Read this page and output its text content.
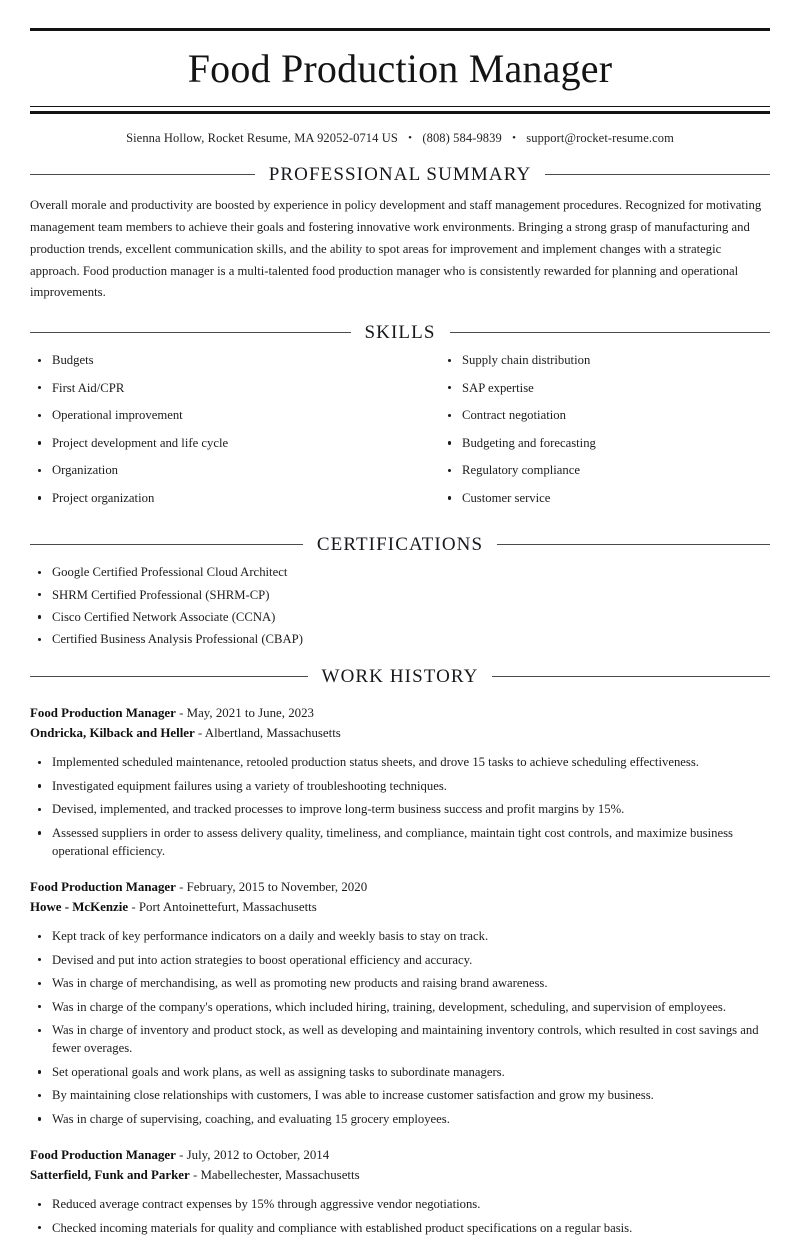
Food Production Manager
Sienna Hollow, Rocket Resume, MA 92052-0714 US • (808) 584-9839 • support@rocket-resume.com
PROFESSIONAL SUMMARY

Overall morale and productivity are boosted by experience in policy development and staff management procedures. Recognized for motivating management team members to achieve their goals and fostering innovative work environments. Bringing a strong grasp of manufacturing and production trends, excellent communication skills, and the ability to spot areas for improvement and implement changes with a strategic approach. Food production manager is a multi-talented food production manager who is consistently rewarded for planning and operational improvements.

SKILLS
Budgets
First Aid/CPR
Operational improvement
Project development and life cycle
Organization
Project organization
Supply chain distribution
SAP expertise
Contract negotiation
Budgeting and forecasting
Regulatory compliance
Customer service
CERTIFICATIONS
Google Certified Professional Cloud Architect
SHRM Certified Professional (SHRM-CP)
Cisco Certified Network Associate (CCNA)
Certified Business Analysis Professional (CBAP)
WORK HISTORY
Food Production Manager - May, 2021 to June, 2023
Ondricka, Kilback and Heller - Albertland, Massachusetts
Implemented scheduled maintenance, retooled production status sheets, and drove 15 tasks to achieve scheduling effectiveness.
Investigated equipment failures using a variety of troubleshooting techniques.
Devised, implemented, and tracked processes to improve long-term business success and profit margins by 15%.
Assessed suppliers in order to assess delivery quality, timeliness, and compliance, maintain tight cost controls, and maximize business operational efficiency.
Food Production Manager - February, 2015 to November, 2020
Howe - McKenzie - Port Antoinettefurt, Massachusetts
Kept track of key performance indicators on a daily and weekly basis to stay on track.
Devised and put into action strategies to boost operational efficiency and accuracy.
Was in charge of merchandising, as well as promoting new products and raising brand awareness.
Was in charge of the company's operations, which included hiring, training, development, scheduling, and supervision of employees.
Was in charge of inventory and product stock, as well as developing and maintaining inventory controls, which resulted in cost savings and fewer overages.
Set operational goals and work plans, as well as assigning tasks to subordinate managers.
By maintaining close relationships with customers, I was able to increase customer satisfaction and grow my business.
Was in charge of supervising, coaching, and evaluating 15 grocery employees.
Food Production Manager - July, 2012 to October, 2014
Satterfield, Funk and Parker - Mabellechester, Massachusetts
Reduced average contract expenses by 15% through aggressive vendor negotiations.
Checked incoming materials for quality and compliance with established product specifications on a regular basis.
